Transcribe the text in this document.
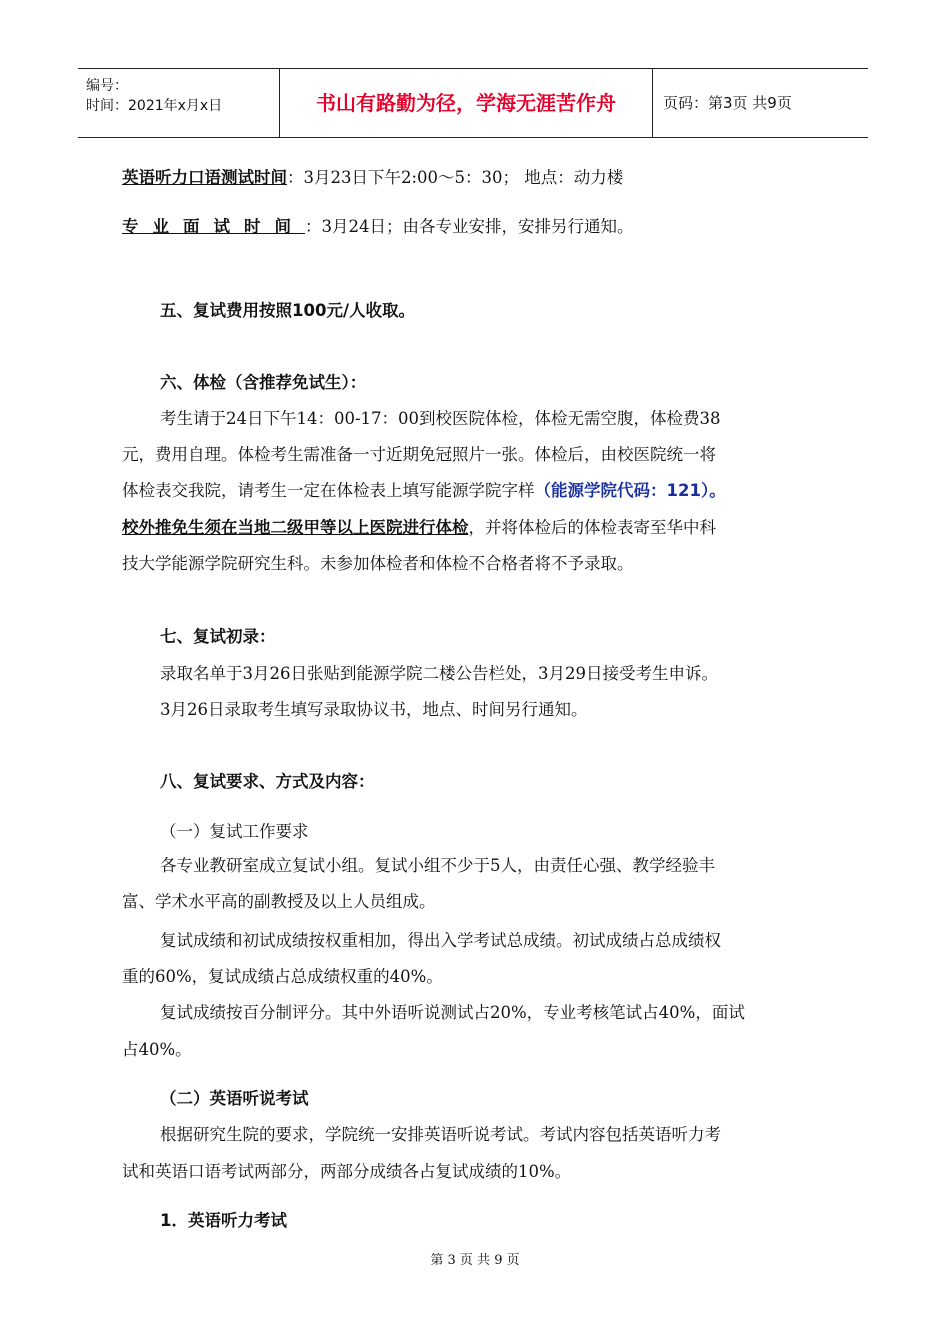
编号：
时间：2021年x月x日	书山有路勤为径，学海无涯苦作舟	页码：第3页 共9页
英语听力口语测试时间：3月23日下午2:00～5：30； 地点：动力楼
专业面试时间：3月24日；由各专业安排，安排另行通知。
五、复试费用按照100元/人收取。
六、体检（含推荐免试生）：
考生请于24日下午14：00-17：00到校医院体检，体检无需空腹，体检费38
元，费用自理。体检考生需准备一寸近期免冠照片一张。体检后，由校医院统一将
体检表交我院，请考生一定在体检表上填写能源学院字样（能源学院代码：121）。
校外推免生须在当地二级甲等以上医院进行体检，并将体检后的体检表寄至华中科
技大学能源学院研究生科。未参加体检者和体检不合格者将不予录取。
七、复试初录：
录取名单于3月26日张贴到能源学院二楼公告栏处，3月29日接受考生申诉。
3月26日录取考生填写录取协议书，地点、时间另行通知。
八、复试要求、方式及内容：
（一）复试工作要求
各专业教研室成立复试小组。复试小组不少于5人，由责任心强、教学经验丰
富、学术水平高的副教授及以上人员组成。
复试成绩和初试成绩按权重相加，得出入学考试总成绩。初试成绩占总成绩权
重的60%，复试成绩占总成绩权重的40%。
复试成绩按百分制评分。其中外语听说测试占20%，专业考核笔试占40%，面试
占40%。
（二）英语听说考试
根据研究生院的要求，学院统一安排英语听说考试。考试内容包括英语听力考
试和英语口语考试两部分，两部分成绩各占复试成绩的10%。
1．英语听力考试
第 3 页 共 9 页
